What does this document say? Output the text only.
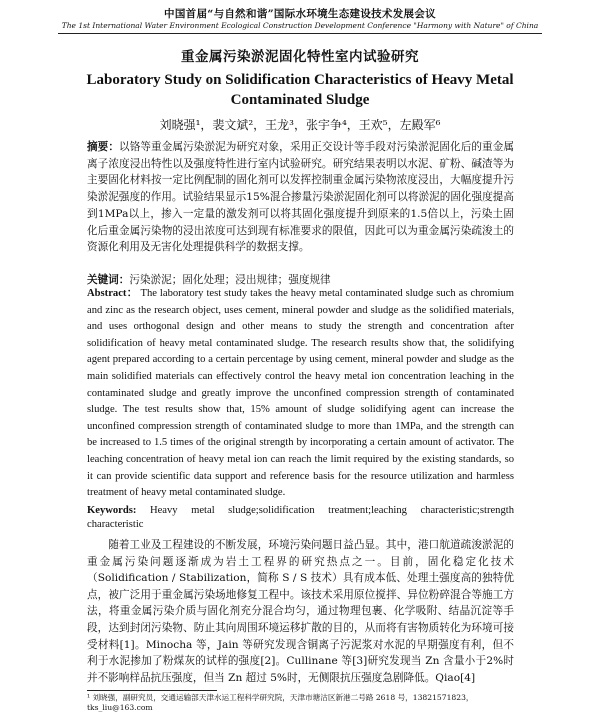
中国首届“与自然和谐”国际水环境生态建设技术发展会议
The 1st International Water Environment Ecological Construction Development Conference "Harmony with Nature" of China
重金属污染淤泥固化特性室内试验研究
Laboratory Study on Solidification Characteristics of Heavy Metal Contaminated Sludge
刘晓强¹，裴文斌²，王龙³，张宇争⁴，王欢⁵，左殿军⁶
摘要：以铬等重金属污染淤泥为研究对象，采用正交设计等手段对污染淤泥固化后的重金属离子浓度浸出特性以及强度特性进行室内试验研究。研究结果表明以水泥、矿粉、碱渣等为主要固化材料按一定比例配制的固化剂可以发挥控制重金属污染物浓度浸出，大幅度提升污染淤泥强度的作用。试验结果显示15%混合掺量污染淤泥固化剂可以将淤泥的固化强度提高到1MPa以上，掺入一定量的激发剂可以将其固化强度提升到原来的1.5倍以上，污染土固化后重金属污染物的浸出浓度可达到现有标准要求的限值，因此可以为重金属污染疏浚土的资源化利用及无害化处理提供科学的数据支撑。
关键词：污染淤泥；固化处理；浸出规律；强度规律
Abstract： The laboratory test study takes the heavy metal contaminated sludge such as chromium and zinc as the research object, uses cement, mineral powder and sludge as the solidified materials, and uses orthogonal design and other means to study the strength and concentration after solidification of heavy metal contaminated sludge. The research results show that, the solidifying agent prepared according to a certain percentage by using cement, mineral powder and sludge as the main solidified materials can effectively control the heavy metal ion concentration leaching in the contaminated sludge and greatly improve the unconfined compression strength of contaminated sludge. The test results show that, 15% amount of sludge solidifying agent can increase the unconfined compression strength of contaminated sludge to more than 1MPa, and the strength can be increased to 1.5 times of the original strength by incorporating a certain amount of activator. The leaching concentration of heavy metal ion can reach the limit required by the existing standards, so it can provide scientific data support and reference basis for the resource utilization and harmless treatment of heavy metal contaminated sludge.
Keywords: Heavy metal sludge;solidification treatment;leaching characteristic;strength characteristic
随着工业及工程建设的不断发展，环境污染问题日益凸显。其中，港口航道疏浚淤泥的重金属污染问题逐渐成为岩土工程界的研究热点之一。目前，固化稳定化技术（Solidification / Stabilization，简称 S / S 技术）具有成本低、处理土强度高的独特优点，被广泛用于重金属污染场地修复工程中。该技术采用原位搅拌、异位粉碎混合等施工方法，将重金属污染介质与固化剂充分混合均匀，通过物理包裹、化学吸附、结晶沉淀等手段，达到封闭污染物、防止其向周围环境运移扩散的目的，从而将有害物质转化为环境可接受材料[1]。Minocha 等，Jain 等研究发现含铜离子污泥浆对水泥的早期强度有利，但不利于水泥掺加了粉煤灰的试样的强度[2]。Cullinane 等[3]研究发现当 Zn 含量小于2%时并不影响样品抗压强度，但当 Zn 超过 5%时，无侧限抗压强度急剧降低。Qiao[4]
¹ 刘晓强，副研究员，交通运输部天津水运工程科学研究院，天津市塘沽区新港二号路 2618 号，13821571823，tks_liu@163.com
